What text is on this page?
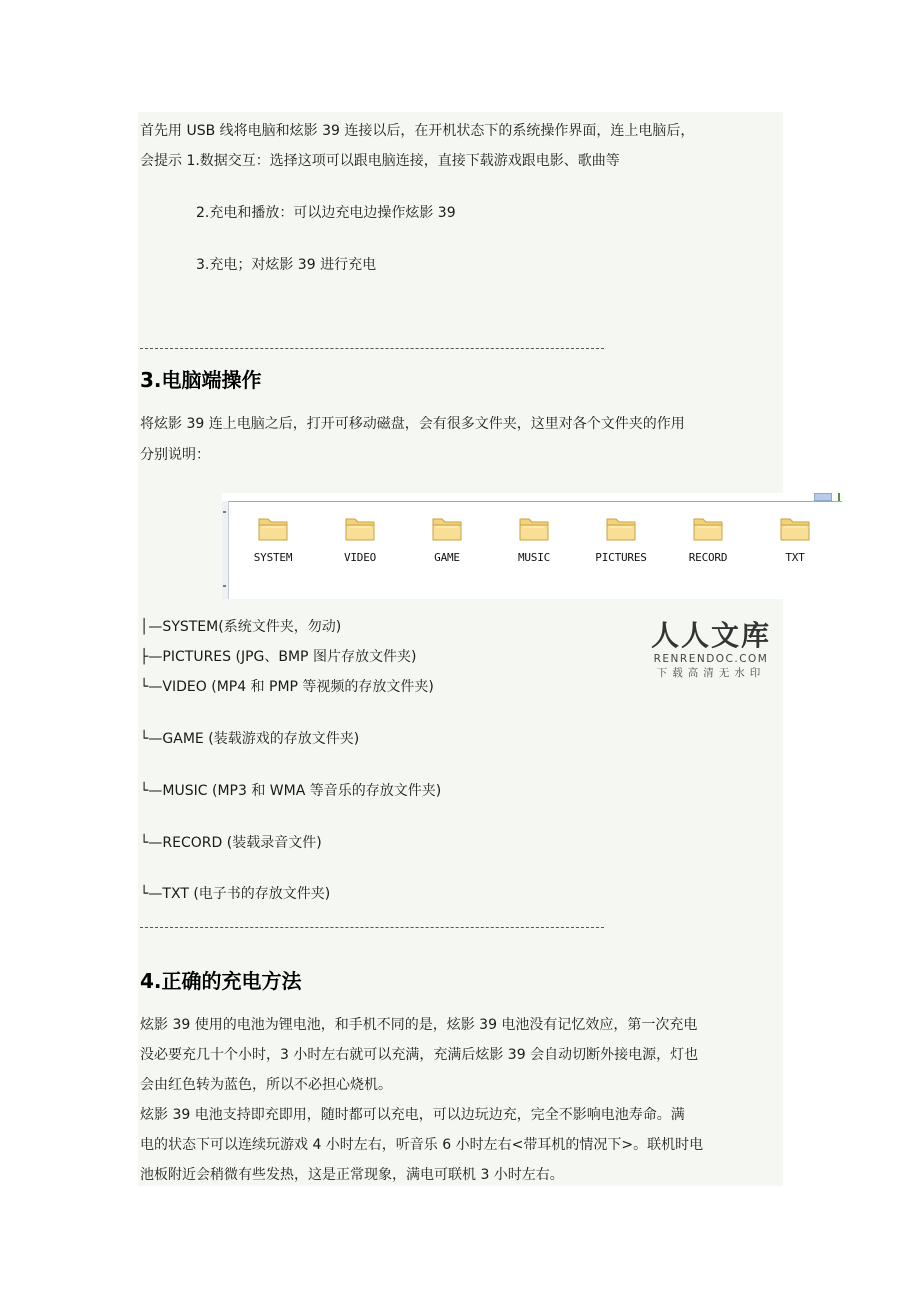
首先用 USB 线将电脑和炫影 39 连接以后，在开机状态下的系统操作界面，连上电脑后，
会提示 1.数据交互：选择这项可以跟电脑连接，直接下载游戏跟电影、歌曲等
2.充电和播放：可以边充电边操作炫影 39
3.充电；对炫影 39 进行充电
3.电脑端操作
将炫影 39 连上电脑之后，打开可移动磁盘，会有很多文件夹，这里对各个文件夹的作用
分别说明：
SYSTEM	VIDEO	GAME	MUSIC	PICTURES	RECORD	TXT
│—SYSTEM(系统文件夹，勿动)
├—PICTURES (JPG、BMP 图片存放文件夹)
└—VIDEO (MP4 和 PMP 等视频的存放文件夹)
└—GAME (装载游戏的存放文件夹)
└—MUSIC (MP3 和 WMA 等音乐的存放文件夹)
└—RECORD (装载录音文件)
└—TXT (电子书的存放文件夹)
人人文库
RENRENDOC.COM
下载高清无水印
4.正确的充电方法
炫影 39 使用的电池为锂电池，和手机不同的是，炫影 39 电池没有记忆效应，第一次充电
没必要充几十个小时，3 小时左右就可以充满，充满后炫影 39 会自动切断外接电源，灯也
会由红色转为蓝色，所以不必担心烧机。
炫影 39 电池支持即充即用，随时都可以充电，可以边玩边充，完全不影响电池寿命。满
电的状态下可以连续玩游戏 4 小时左右，听音乐 6 小时左右<带耳机的情况下>。联机时电
池板附近会稍微有些发热，这是正常现象，满电可联机 3 小时左右。
